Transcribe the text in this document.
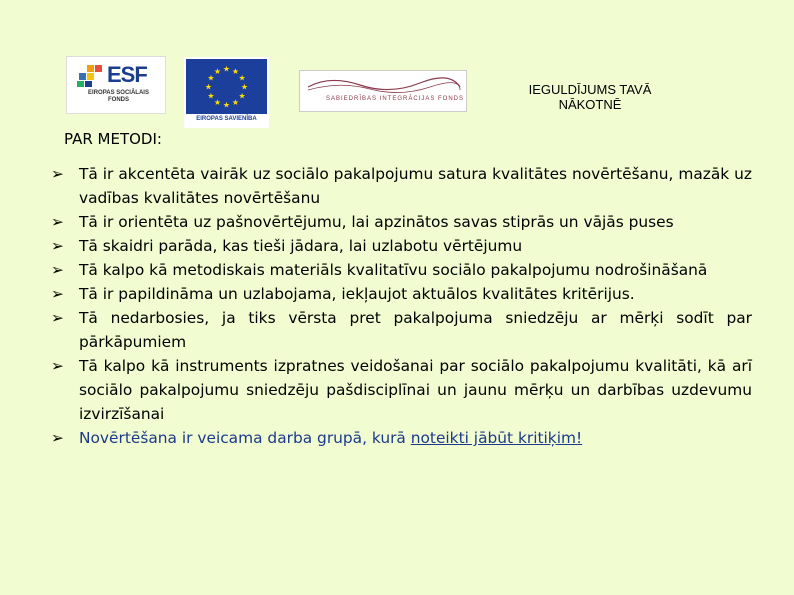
ESF
EIROPAS SOCIĀLAIS FONDS
★ ★
★
★
★
★
★
★
★
★
★
★
EIROPAS SAVIENĪBA
SABIEDRĪBAS INTEGRĀCIJAS FONDS
IEGULDĪJUMS TAVĀ
NĀKOTNĒ
PAR METODI:
➢ Tā ir akcentēta vairāk uz sociālo pakalpojumu satura kvalitātes novērtēšanu, mazāk uz vadības kvalitātes novērtēšanu
➢ Tā ir orientēta uz pašnovērtējumu, lai apzinātos savas stiprās un vājās puses
➢ Tā skaidri parāda, kas tieši jādara, lai uzlabotu vērtējumu
➢ Tā kalpo kā metodiskais materiāls kvalitatīvu sociālo pakalpojumu nodrošināšanā
➢ Tā ir papildināma un uzlabojama, iekļaujot aktuālos kvalitātes kritērijus.
➢ Tā nedarbosies, ja tiks vērsta pret pakalpojuma sniedzēju ar mērķi sodīt par pārkāpumiem
➢ Tā kalpo kā instruments izpratnes veidošanai par sociālo pakalpojumu kvalitāti, kā arī sociālo pakalpojumu sniedzēju pašdisciplīnai un jaunu mērķu un darbības uzdevumu izvirzīšanai
➢ Novērtēšana ir veicama darba grupā, kurā noteikti jābūt kritiķim!
